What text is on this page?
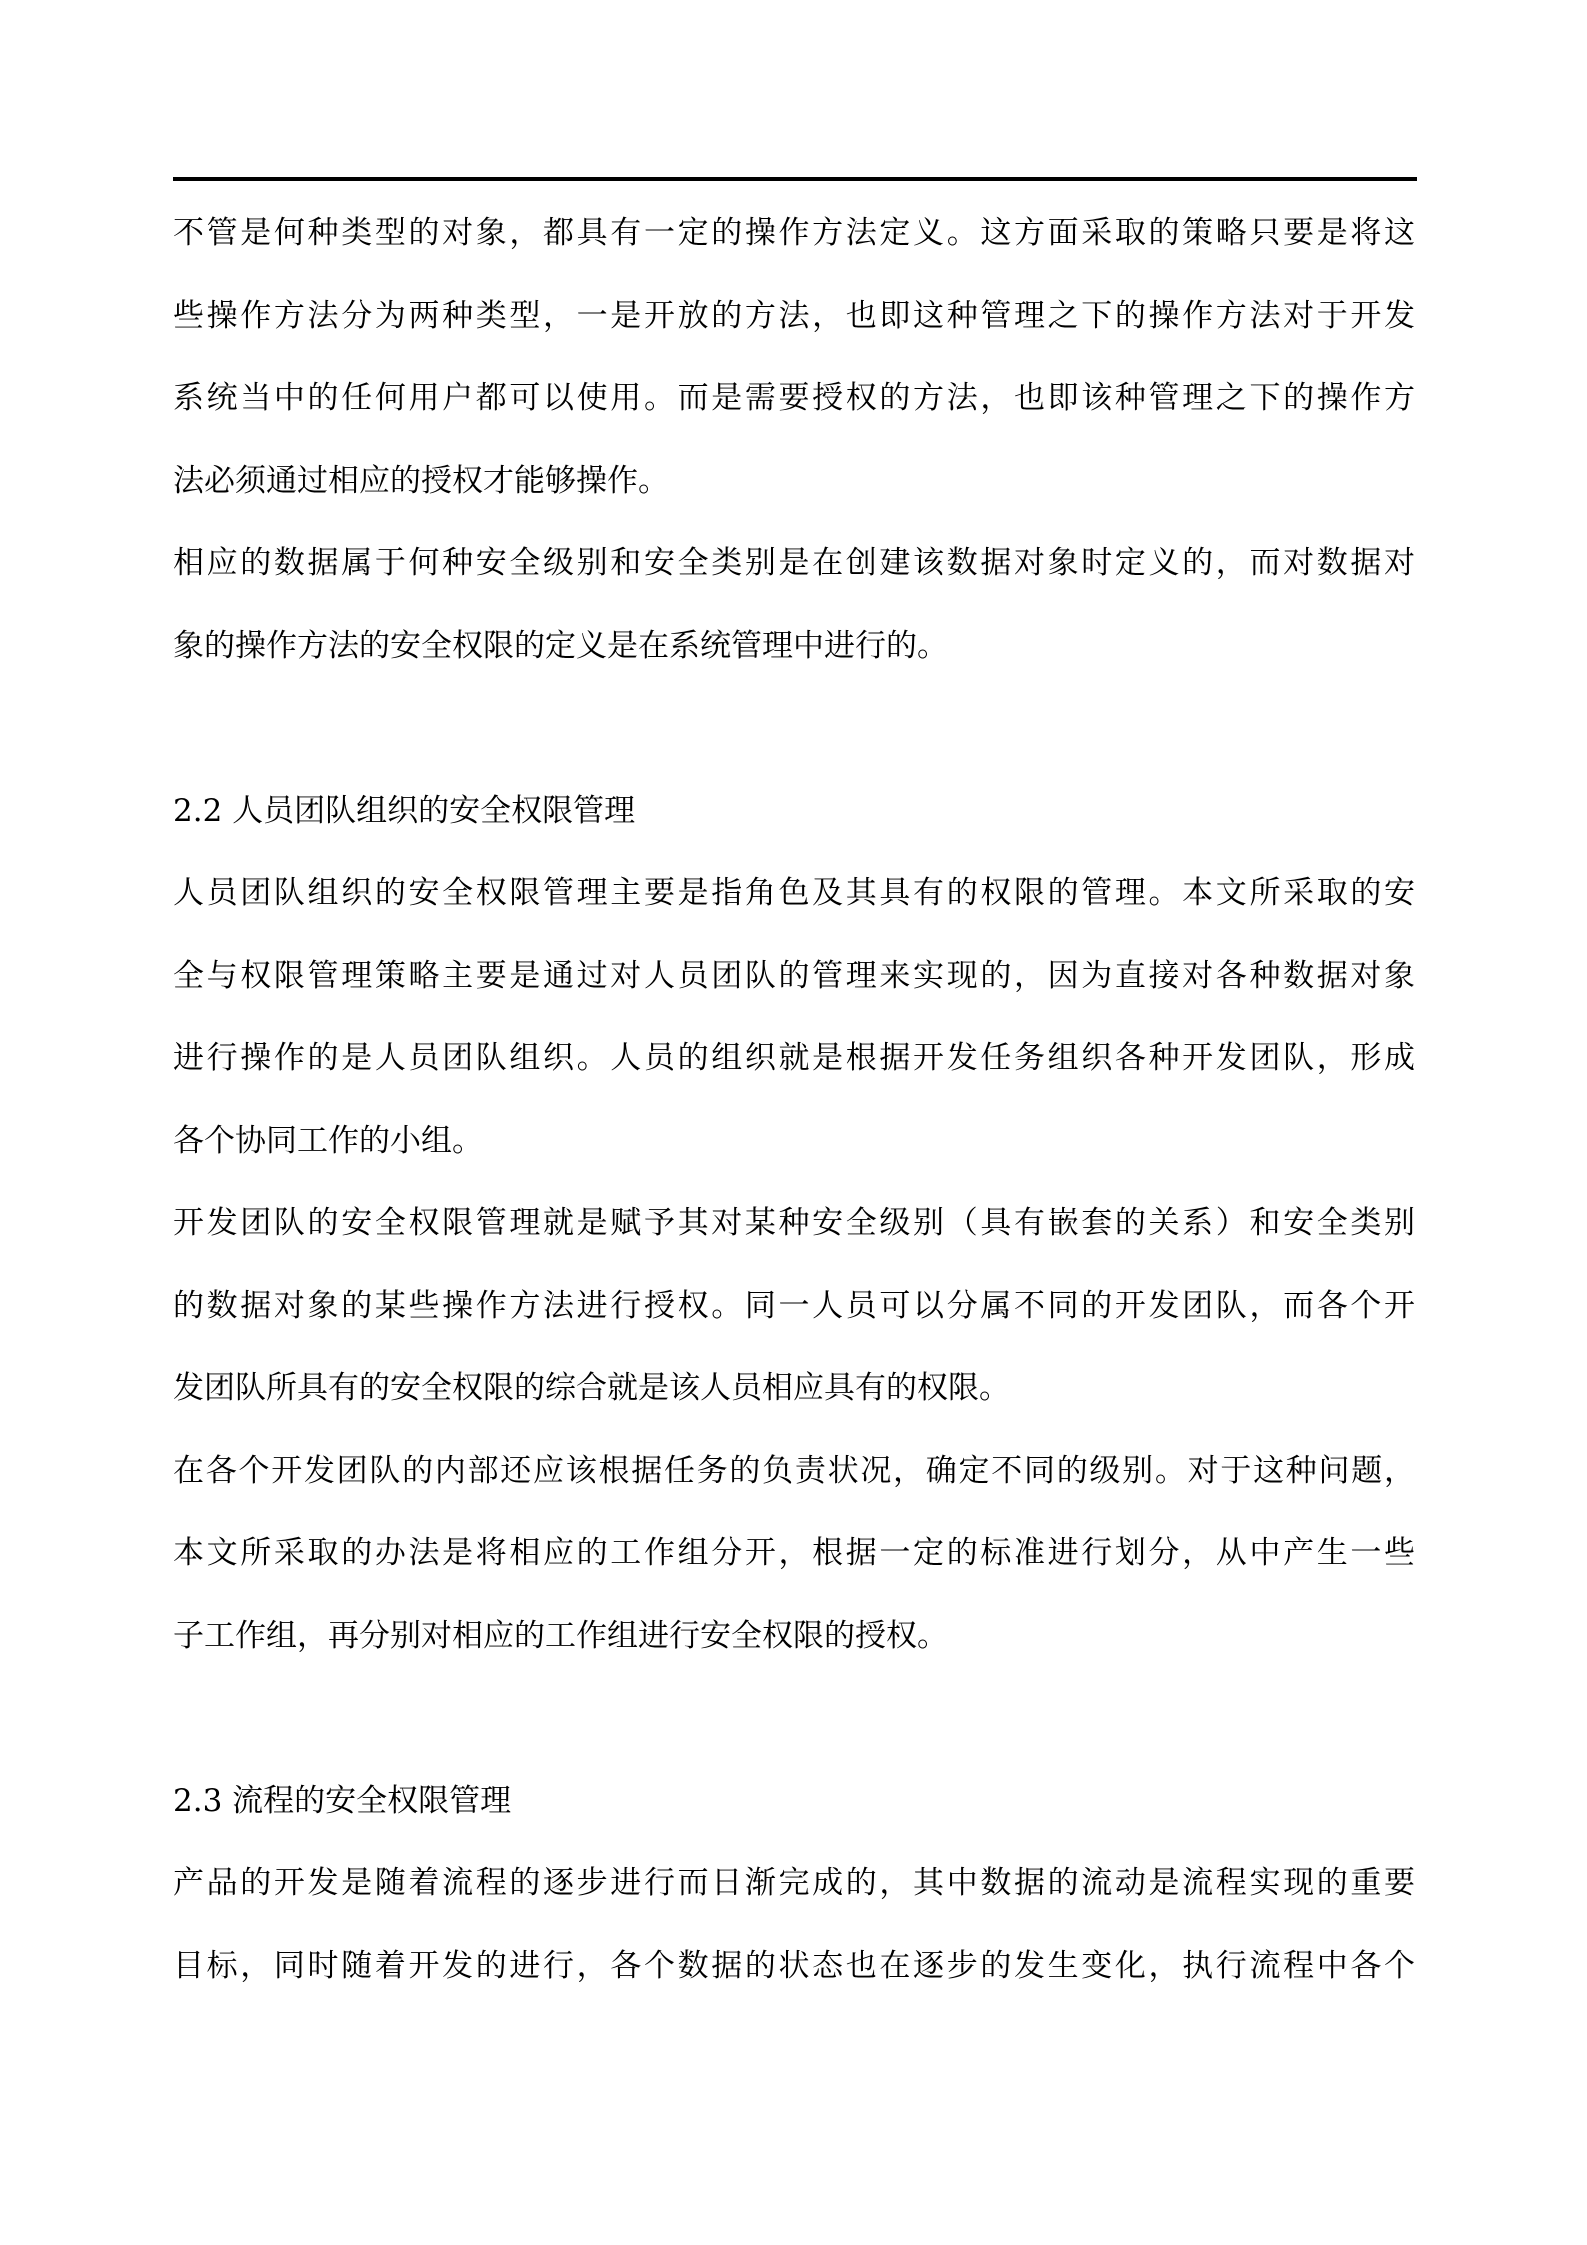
不管是何种类型的对象，都具有一定的操作方法定义。这方面采取的策略只要是将这
些操作方法分为两种类型，一是开放的方法，也即这种管理之下的操作方法对于开发
系统当中的任何用户都可以使用。而是需要授权的方法，也即该种管理之下的操作方
法必须通过相应的授权才能够操作。
相应的数据属于何种安全级别和安全类别是在创建该数据对象时定义的，而对数据对
象的操作方法的安全权限的定义是在系统管理中进行的。
2.2 人员团队组织的安全权限管理
人员团队组织的安全权限管理主要是指角色及其具有的权限的管理。本文所采取的安
全与权限管理策略主要是通过对人员团队的管理来实现的，因为直接对各种数据对象
进行操作的是人员团队组织。人员的组织就是根据开发任务组织各种开发团队，形成
各个协同工作的小组。
开发团队的安全权限管理就是赋予其对某种安全级别（具有嵌套的关系）和安全类别
的数据对象的某些操作方法进行授权。同一人员可以分属不同的开发团队，而各个开
发团队所具有的安全权限的综合就是该人员相应具有的权限。
在各个开发团队的内部还应该根据任务的负责状况，确定不同的级别。对于这种问题，
本文所采取的办法是将相应的工作组分开，根据一定的标准进行划分，从中产生一些
子工作组，再分别对相应的工作组进行安全权限的授权。
2.3 流程的安全权限管理
产品的开发是随着流程的逐步进行而日渐完成的，其中数据的流动是流程实现的重要
目标，同时随着开发的进行，各个数据的状态也在逐步的发生变化，执行流程中各个
